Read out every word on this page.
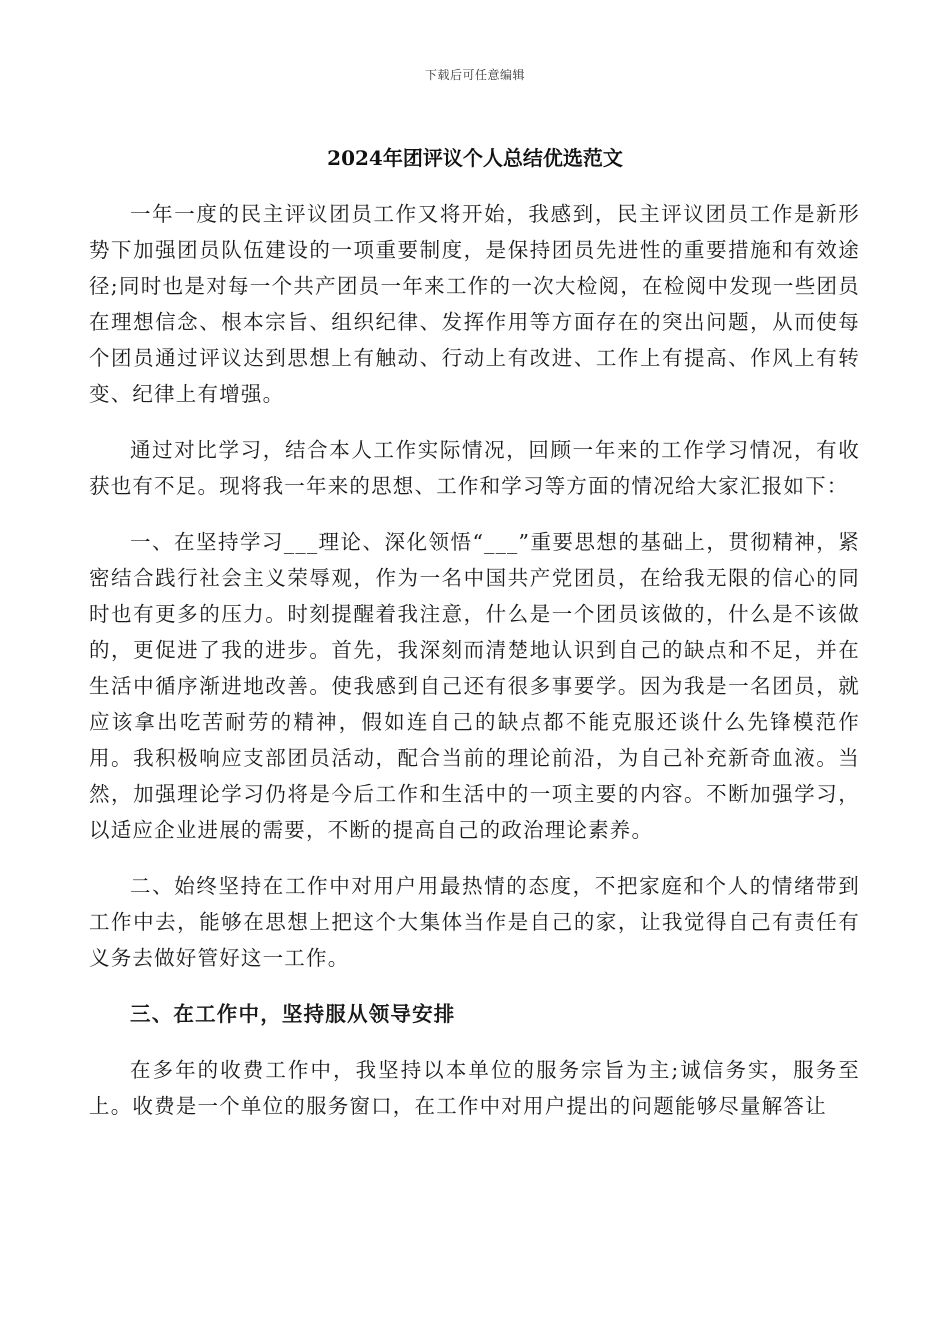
下载后可任意编辑
2024年团评议个人总结优选范文

一年一度的民主评议团员工作又将开始，我感到，民主评议团员工作是新形势下加强团员队伍建设的一项重要制度，是保持团员先进性的重要措施和有效途径;同时也是对每一个共产团员一年来工作的一次大检阅，在检阅中发现一些团员在理想信念、根本宗旨、组织纪律、发挥作用等方面存在的突出问题，从而使每个团员通过评议达到思想上有触动、行动上有改进、工作上有提高、作风上有转变、纪律上有增强。

通过对比学习，结合本人工作实际情况，回顾一年来的工作学习情况，有收获也有不足。现将我一年来的思想、工作和学习等方面的情况给大家汇报如下：

一、在坚持学习___理论、深化领悟“___”重要思想的基础上，贯彻精神，紧密结合践行社会主义荣辱观，作为一名中国共产党团员，在给我无限的信心的同时也有更多的压力。时刻提醒着我注意，什么是一个团员该做的，什么是不该做的，更促进了我的进步。首先，我深刻而清楚地认识到自己的缺点和不足，并在生活中循序渐进地改善。使我感到自己还有很多事要学。因为我是一名团员，就应该拿出吃苦耐劳的精神，假如连自己的缺点都不能克服还谈什么先锋模范作用。我积极响应支部团员活动，配合当前的理论前沿，为自己补充新奇血液。当然，加强理论学习仍将是今后工作和生活中的一项主要的内容。不断加强学习，以适应企业进展的需要，不断的提高自己的政治理论素养。

二、始终坚持在工作中对用户用最热情的态度，不把家庭和个人的情绪带到工作中去，能够在思想上把这个大集体当作是自己的家，让我觉得自己有责任有义务去做好管好这一工作。

三、在工作中，坚持服从领导安排

在多年的收费工作中，我坚持以本单位的服务宗旨为主;诚信务实，服务至上。收费是一个单位的服务窗口，在工作中对用户提出的问题能够尽量解答让
